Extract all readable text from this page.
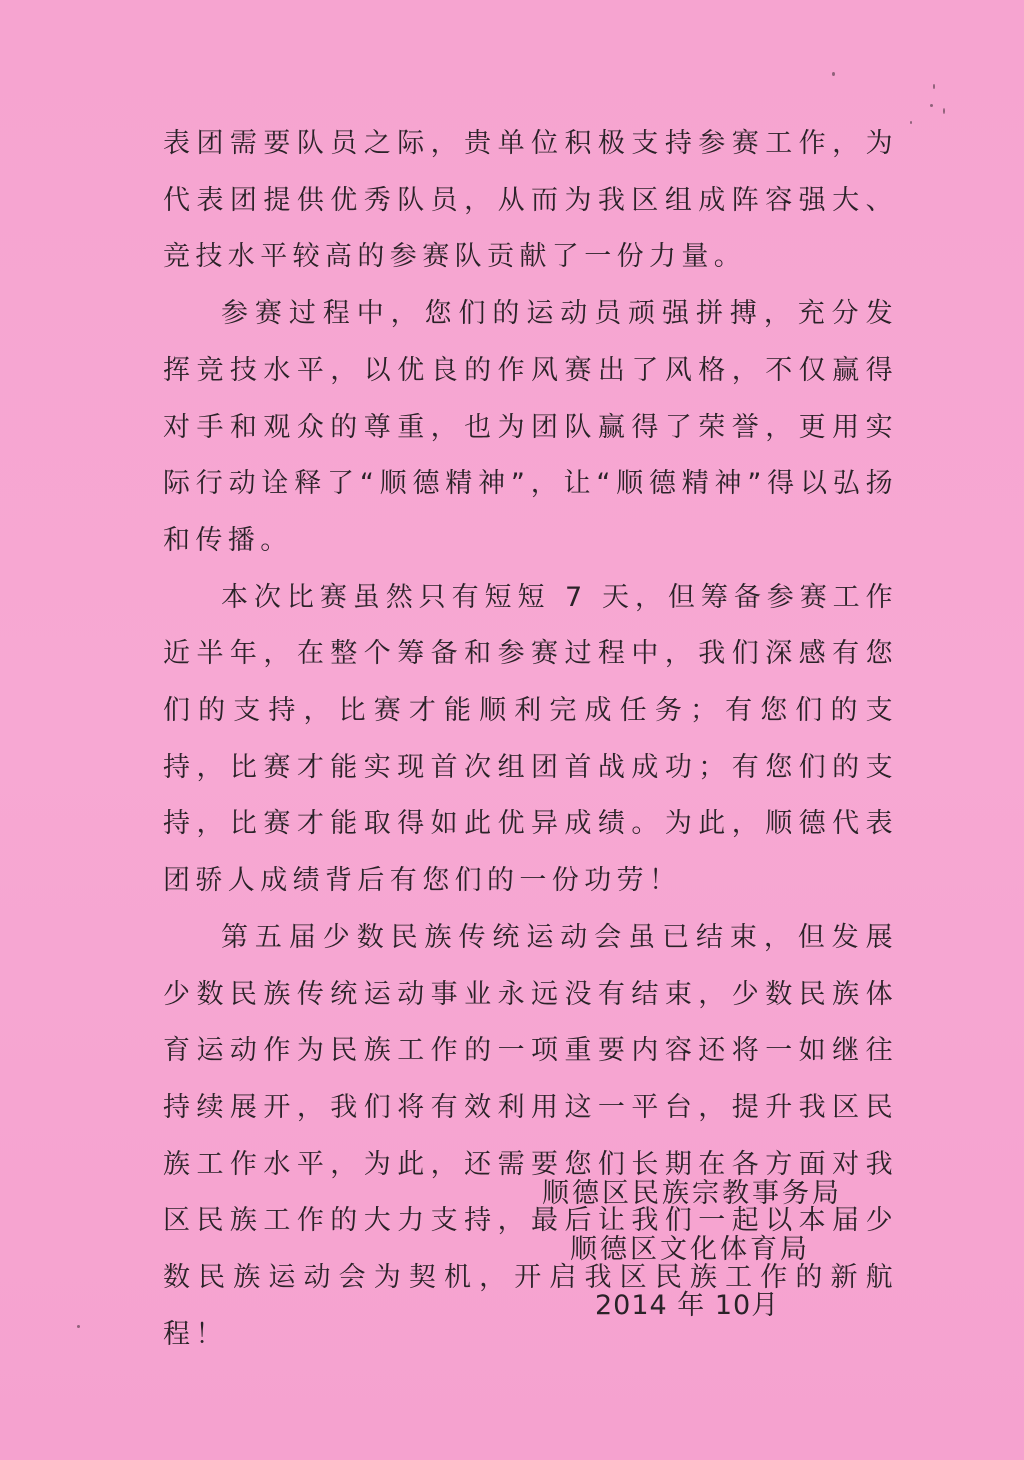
表团需要队员之际，贵单位积极支持参赛工作，为代表团提供优秀队员，从而为我区组成阵容强大、竞技水平较高的参赛队贡献了一份力量。

参赛过程中，您们的运动员顽强拼搏，充分发挥竞技水平，以优良的作风赛出了风格，不仅赢得对手和观众的尊重，也为团队赢得了荣誉，更用实际行动诠释了“顺德精神”，让“顺德精神”得以弘扬和传播。

本次比赛虽然只有短短 7 天，但筹备参赛工作近半年，在整个筹备和参赛过程中，我们深感有您们的支持，比赛才能顺利完成任务；有您们的支持，比赛才能实现首次组团首战成功；有您们的支持，比赛才能取得如此优异成绩。为此，顺德代表团骄人成绩背后有您们的一份功劳！

第五届少数民族传统运动会虽已结束，但发展少数民族传统运动事业永远没有结束，少数民族体育运动作为民族工作的一项重要内容还将一如继往持续展开，我们将有效利用这一平台，提升我区民族工作水平，为此，还需要您们长期在各方面对我区民族工作的大力支持，最后让我们一起以本届少数民族运动会为契机，开启我区民族工作的新航程！

顺德区民族宗教事务局
顺德区文化体育局
2014 年 10月
